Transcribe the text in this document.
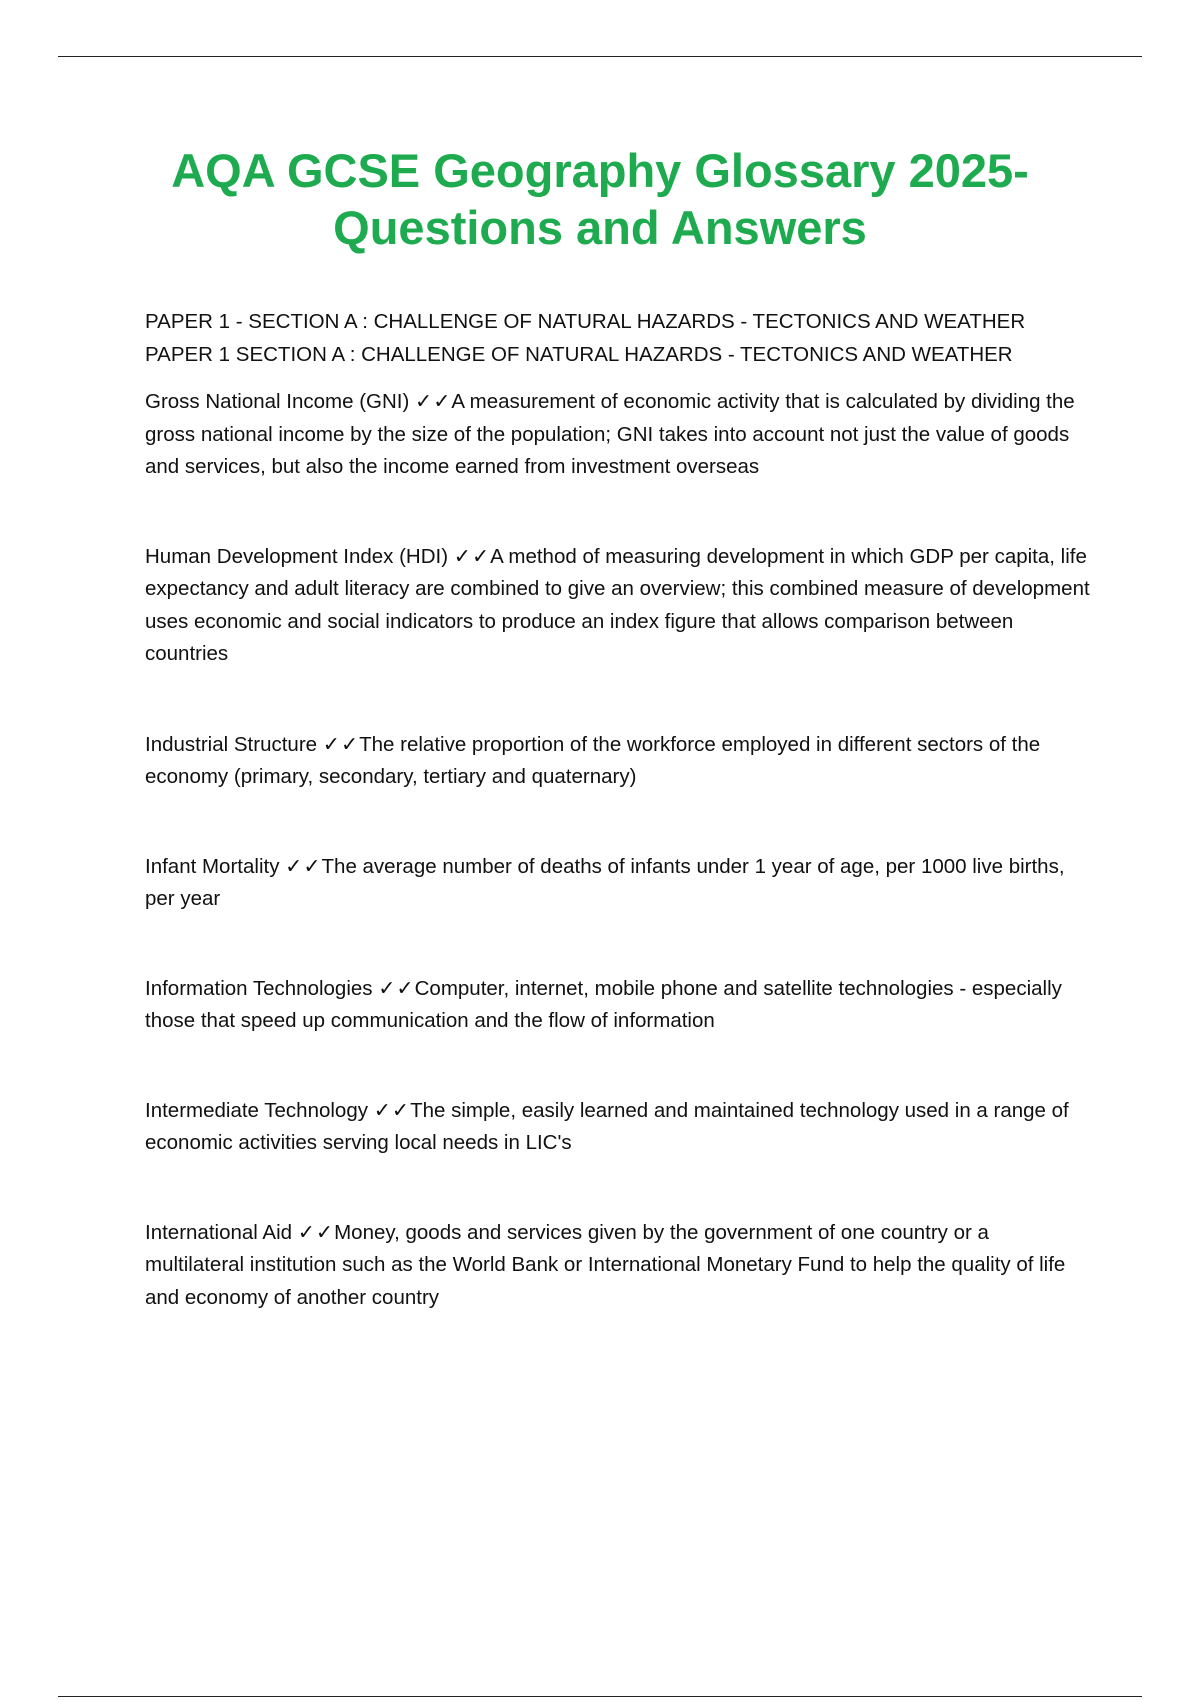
AQA GCSE Geography Glossary 2025-
Questions and Answers

PAPER 1 - SECTION A : CHALLENGE OF NATURAL HAZARDS - TECTONICS AND WEATHER PAPER 1 SECTION A : CHALLENGE OF NATURAL HAZARDS - TECTONICS AND WEATHER

Gross National Income (GNI) ✓✓A measurement of economic activity that is calculated by dividing the gross national income by the size of the population; GNI takes into account not just the value of goods and services, but also the income earned from investment overseas

Human Development Index (HDI) ✓✓A method of measuring development in which GDP per capita, life expectancy and adult literacy are combined to give an overview; this combined measure of development uses economic and social indicators to produce an index figure that allows comparison between countries

Industrial Structure ✓✓The relative proportion of the workforce employed in different sectors of the economy (primary, secondary, tertiary and quaternary)

Infant Mortality ✓✓The average number of deaths of infants under 1 year of age, per 1000 live births, per year

Information Technologies ✓✓Computer, internet, mobile phone and satellite technologies - especially those that speed up communication and the flow of information

Intermediate Technology ✓✓The simple, easily learned and maintained technology used in a range of economic activities serving local needs in LIC's

International Aid ✓✓Money, goods and services given by the government of one country or a multilateral institution such as the World Bank or International Monetary Fund to help the quality of life and economy of another country
